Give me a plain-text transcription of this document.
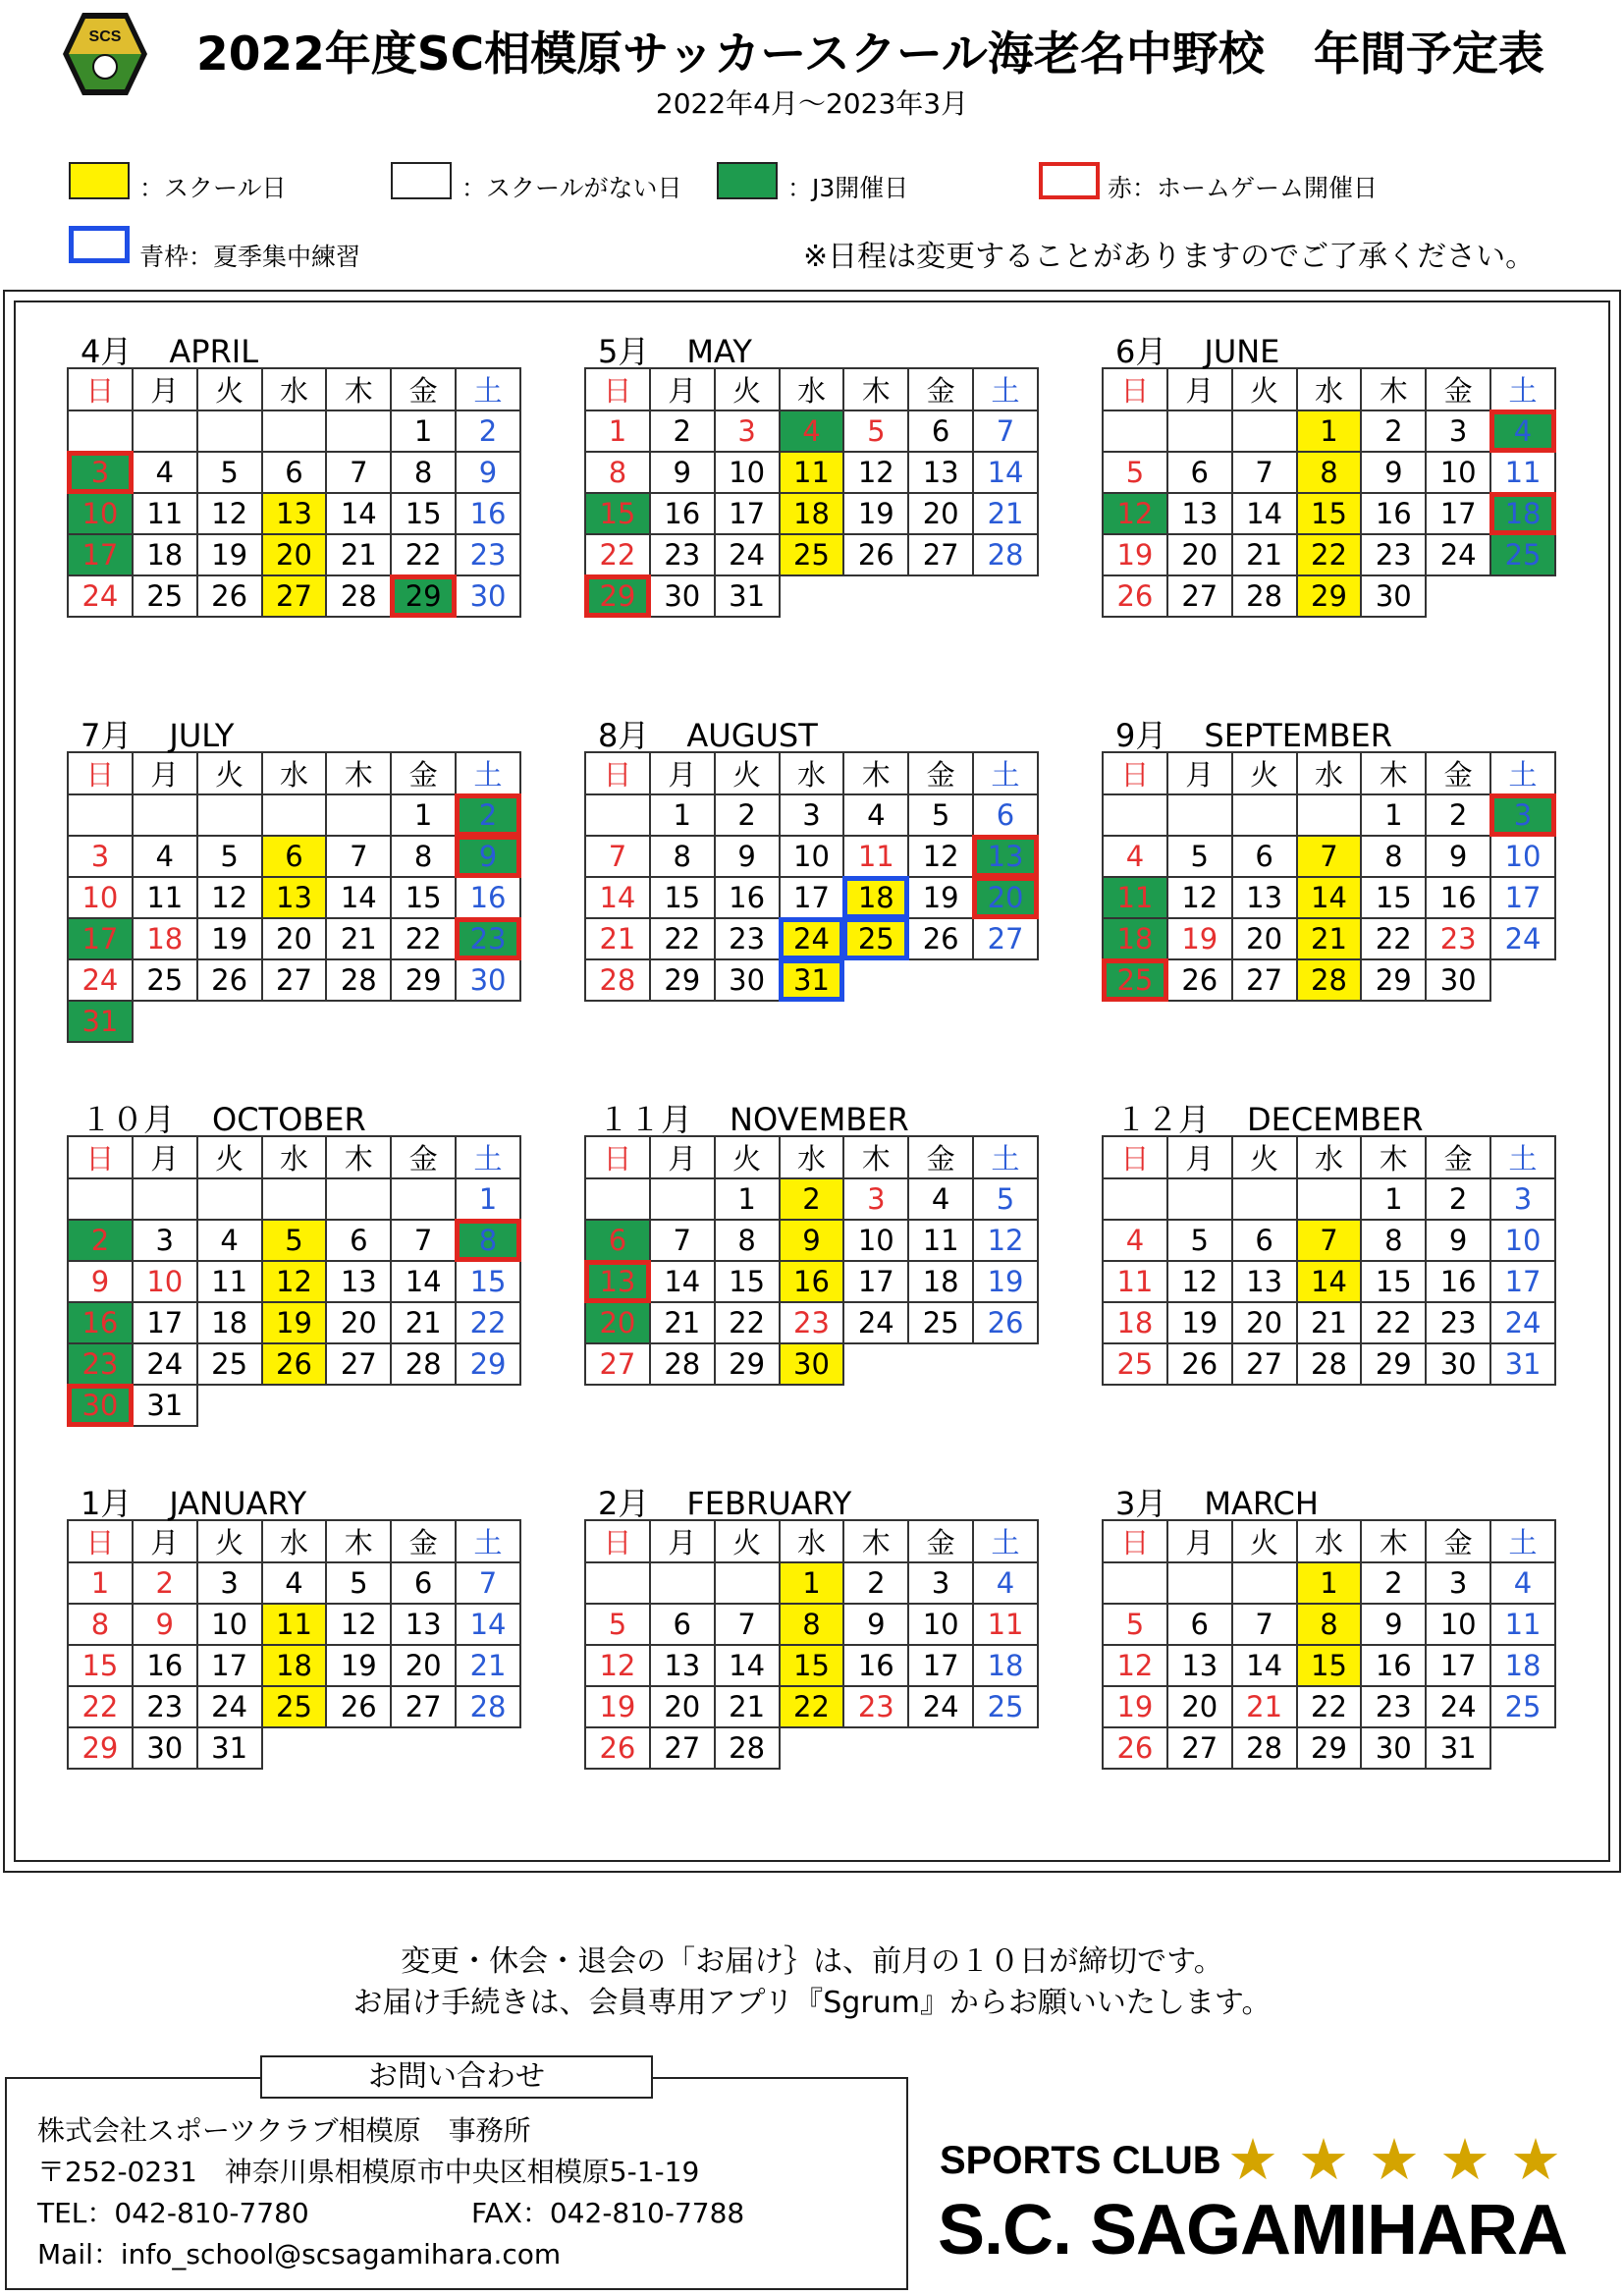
SCS 2022年度SC相模原サッカースクール海老名中野校 年間予定表
2022年4月～2023年3月
：スクール日	：スクールがない日	：J3開催日	赤：ホームゲーム開催日
青枠：夏季集中練習	※日程は変更することがありますのでご了承ください。
4月 APRIL
日	月	火	水	木	金	土
					1	2
3	4	5	6	7	8	9
10	11	12	13	14	15	16
17	18	19	20	21	22	23
24	25	26	27	28	29	30
5月 MAY
日	月	火	水	木	金	土
1	2	3	4	5	6	7
8	9	10	11	12	13	14
15	16	17	18	19	20	21
22	23	24	25	26	27	28
29	30	31				
6月 JUNE
日	月	火	水	木	金	土
			1	2	3	4
5	6	7	8	9	10	11
12	13	14	15	16	17	18
19	20	21	22	23	24	25
26	27	28	29	30		
7月 JULY
日	月	火	水	木	金	土
					1	2
3	4	5	6	7	8	9
10	11	12	13	14	15	16
17	18	19	20	21	22	23
24	25	26	27	28	29	30
31						
8月 AUGUST
日	月	火	水	木	金	土
	1	2	3	4	5	6
7	8	9	10	11	12	13
14	15	16	17	18	19	20
21	22	23	24	25	26	27
28	29	30	31			
9月 SEPTEMBER
日	月	火	水	木	金	土
				1	2	3
4	5	6	7	8	9	10
11	12	13	14	15	16	17
18	19	20	21	22	23	24
25	26	27	28	29	30	
１０月 OCTOBER
日	月	火	水	木	金	土
						1
2	3	4	5	6	7	8
9	10	11	12	13	14	15
16	17	18	19	20	21	22
23	24	25	26	27	28	29
30	31					
１１月 NOVEMBER
日	月	火	水	木	金	土
		1	2	3	4	5
6	7	8	9	10	11	12
13	14	15	16	17	18	19
20	21	22	23	24	25	26
27	28	29	30			
１２月 DECEMBER
日	月	火	水	木	金	土
				1	2	3
4	5	6	7	8	9	10
11	12	13	14	15	16	17
18	19	20	21	22	23	24
25	26	27	28	29	30	31
1月 JANUARY
日	月	火	水	木	金	土
1	2	3	4	5	6	7
8	9	10	11	12	13	14
15	16	17	18	19	20	21
22	23	24	25	26	27	28
29	30	31				
2月 FEBRUARY
日	月	火	水	木	金	土
			1	2	3	4
5	6	7	8	9	10	11
12	13	14	15	16	17	18
19	20	21	22	23	24	25
26	27	28				
3月 MARCH
日	月	火	水	木	金	土
			1	2	3	4
5	6	7	8	9	10	11
12	13	14	15	16	17	18
19	20	21	22	23	24	25
26	27	28	29	30	31	
変更・休会・退会の「お届け｝は、前月の１０日が締切です。
お届け手続きは、会員専用アプリ『Sgrum』からお願いいたします。
お問い合わせ
株式会社スポーツクラブ相模原　事務所
〒252-0231　神奈川県相模原市中央区相模原5-1-19
TEL：042-810-7780	FAX：042-810-7788
Mail：info_school@scsagamihara.com
SPORTS CLUB ★★★★★
S.C. SAGAMIHARA
